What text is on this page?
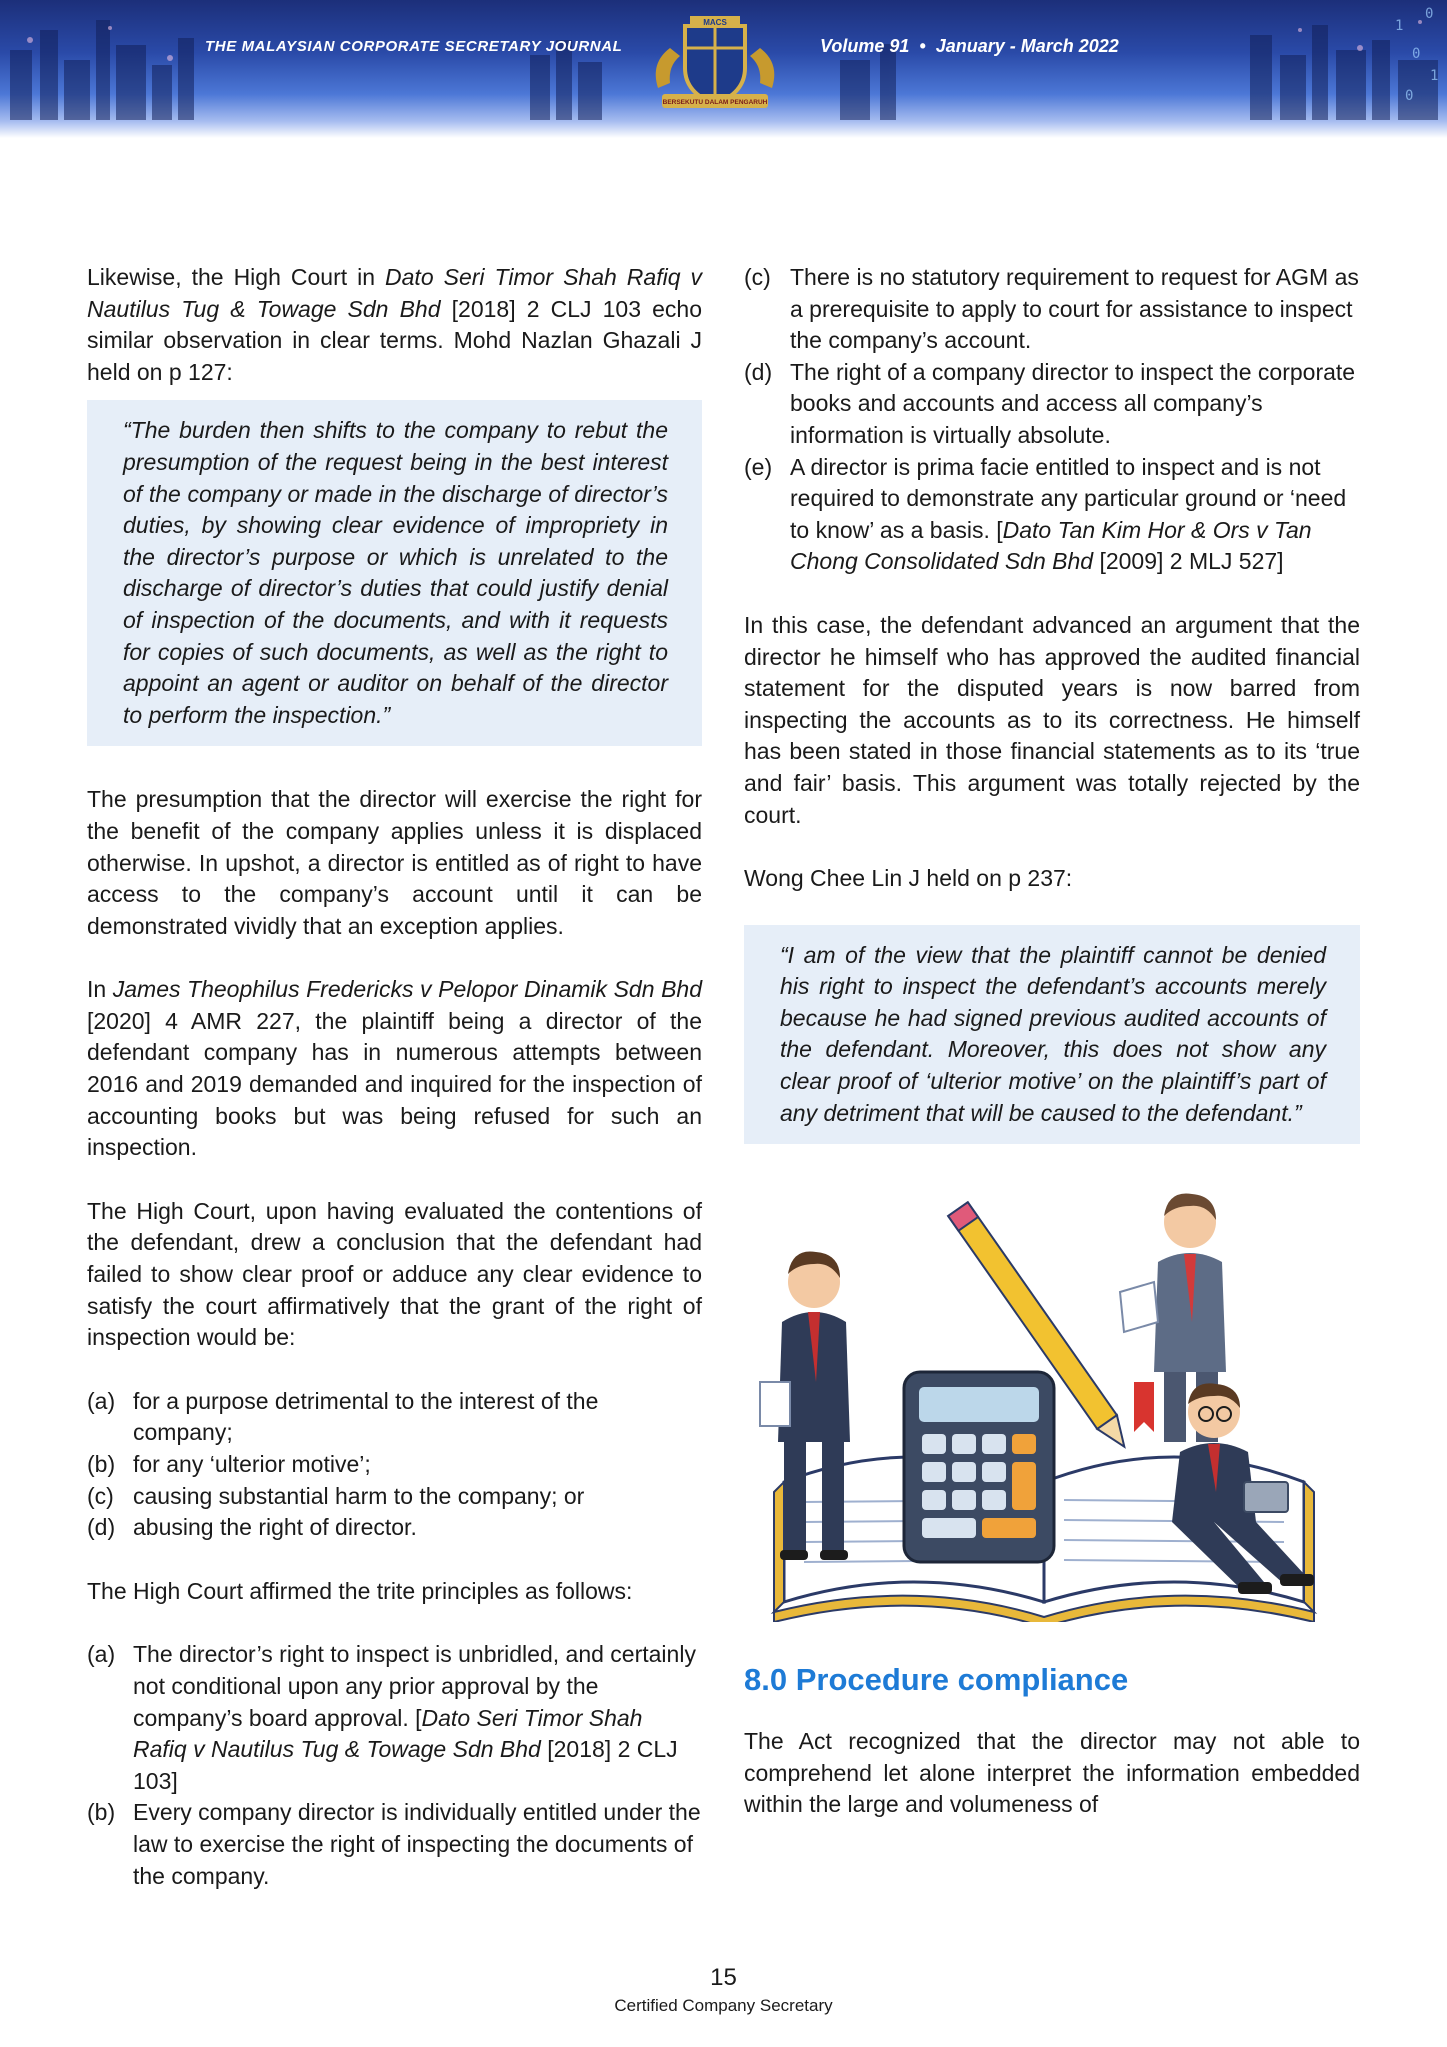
1
0
1
0
0
THE MALAYSIAN CORPORATE SECRETARY JOURNAL
MACS
BERSEKUTU DALAM PENGARUH
Volume 91 • January - March 2022

Likewise, the High Court in Dato Seri Timor Shah Rafiq v Nautilus Tug & Towage Sdn Bhd [2018] 2 CLJ 103 echo similar observation in clear terms. Mohd Nazlan Ghazali J held on p 127:

“The burden then shifts to the company to rebut the presumption of the request being in the best interest of the company or made in the discharge of director’s duties, by showing clear evidence of impropriety in the director’s purpose or which is unrelated to the discharge of director’s duties that could justify denial of inspection of the documents, and with it requests for copies of such documents, as well as the right to appoint an agent or auditor on behalf of the director to perform the inspection.”

The presumption that the director will exercise the right for the benefit of the company applies unless it is displaced otherwise. In upshot, a director is entitled as of right to have access to the company’s account until it can be demonstrated vividly that an exception applies.

In James Theophilus Fredericks v Pelopor Dinamik Sdn Bhd [2020] 4 AMR 227, the plaintiff being a director of the defendant company has in numerous attempts between 2016 and 2019 demanded and inquired for the inspection of accounting books but was being refused for such an inspection.

The High Court, upon having evaluated the contentions of the defendant, drew a conclusion that the defendant had failed to show clear proof or adduce any clear evidence to satisfy the court affirmatively that the grant of the right of inspection would be:

(a) for a purpose detrimental to the interest of the company;
(b) for any ‘ulterior motive’;
(c) causing substantial harm to the company; or
(d) abusing the right of director.

The High Court affirmed the trite principles as follows:

(a) The director’s right to inspect is unbridled, and certainly not conditional upon any prior approval by the company’s board approval. [Dato Seri Timor Shah Rafiq v Nautilus Tug & Towage Sdn Bhd [2018] 2 CLJ 103]
(b) Every company director is individually entitled under the law to exercise the right of inspecting the documents of the company.
(c) There is no statutory requirement to request for AGM as a prerequisite to apply to court for assistance to inspect the company’s account.
(d) The right of a company director to inspect the corporate books and accounts and access all company’s information is virtually absolute.
(e) A director is prima facie entitled to inspect and is not required to demonstrate any particular ground or ‘need to know’ as a basis. [Dato Tan Kim Hor & Ors v Tan Chong Consolidated Sdn Bhd [2009] 2 MLJ 527]

In this case, the defendant advanced an argument that the director he himself who has approved the audited financial statement for the disputed years is now barred from inspecting the accounts as to its correctness. He himself has been stated in those financial statements as to its ‘true and fair’ basis. This argument was totally rejected by the court.

Wong Chee Lin J held on p 237:

“I am of the view that the plaintiff cannot be denied his right to inspect the defendant’s accounts merely because he had signed previous audited accounts of the defendant. Moreover, this does not show any clear proof of ‘ulterior motive’ on the plaintiff’s part of any detriment that will be caused to the defendant.”

8.0 Procedure compliance

The Act recognized that the director may not able to comprehend let alone interpret the information embedded within the large and volumeness of

15
Certified Company Secretary
